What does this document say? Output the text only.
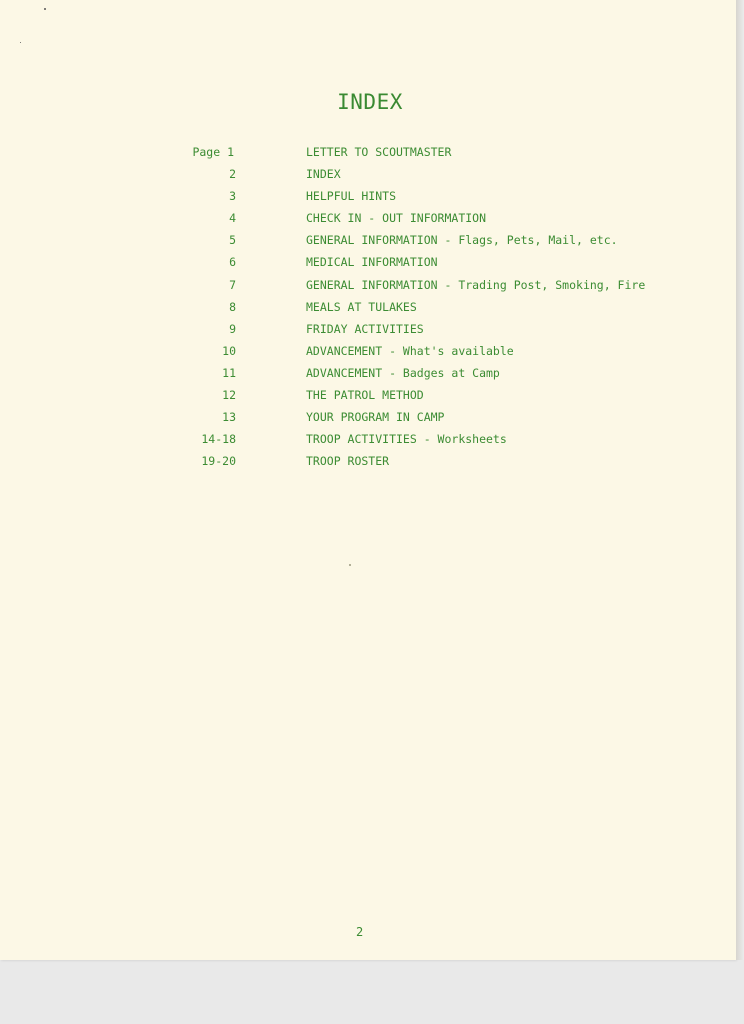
INDEX
Page 1	LETTER TO SCOUTMASTER
2	INDEX
3	HELPFUL HINTS
4	CHECK IN - OUT INFORMATION
5	GENERAL INFORMATION - Flags, Pets, Mail, etc.
6	MEDICAL INFORMATION
7	GENERAL INFORMATION - Trading Post, Smoking, Fire
8	MEALS AT TULAKES
9	FRIDAY ACTIVITIES
10	ADVANCEMENT - What's available
11	ADVANCEMENT - Badges at Camp
12	THE PATROL METHOD
13	YOUR PROGRAM IN CAMP
14-18	TROOP ACTIVITIES - Worksheets
19-20	TROOP ROSTER
2
